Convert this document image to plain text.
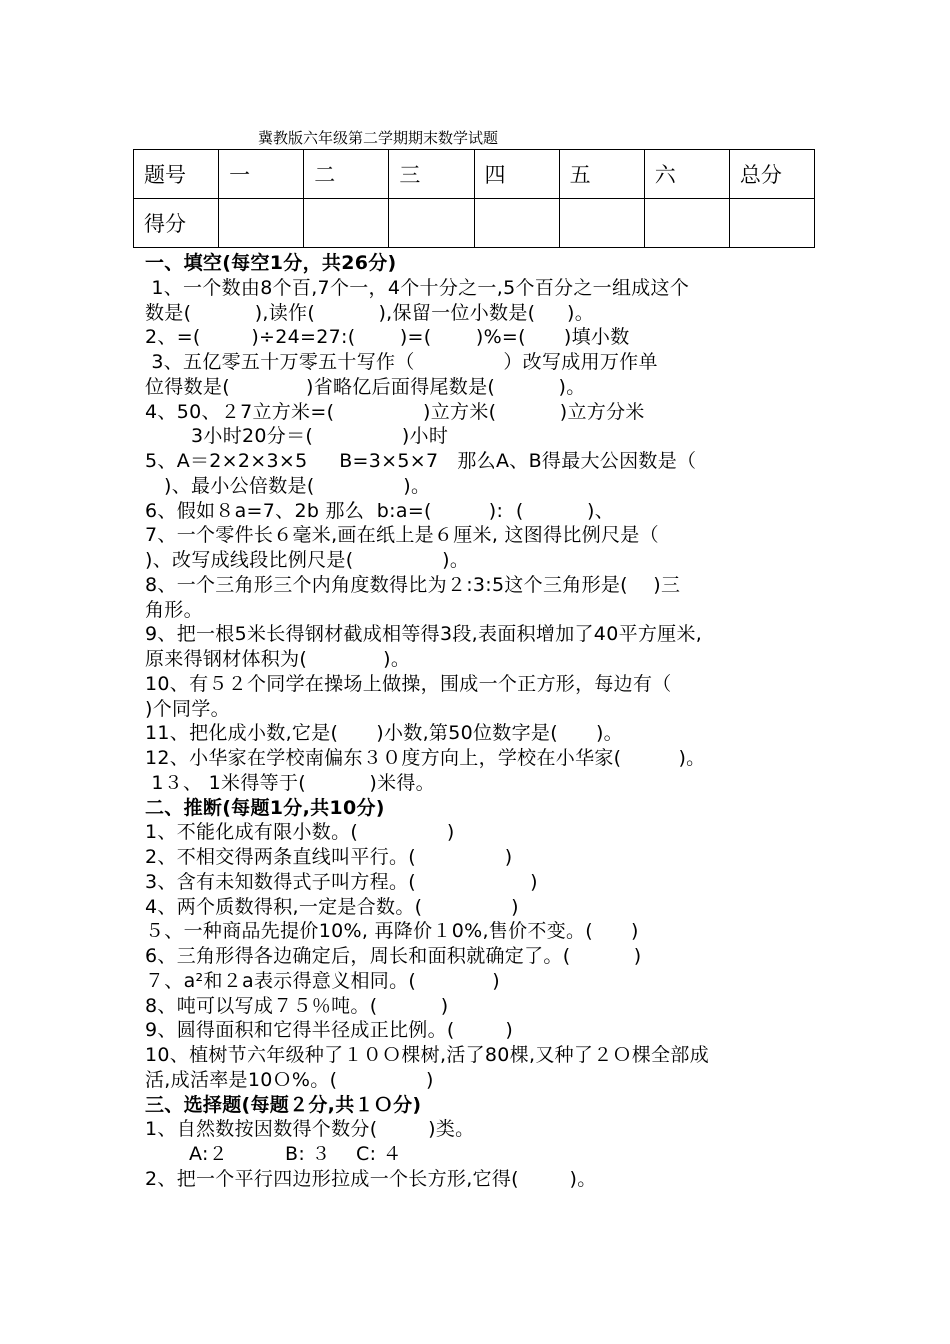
冀教版六年级第二学期期末数学试题
题号	一	二	三	四	五	六	总分
得分							
一、填空(每空1分，共26分)
1、一个数由8个百,7个一，4个十分之一,5个百分之一组成这个
数是(          ),读作(          ),保留一位小数是(     )。
2、=(        )÷24=27:(       )=(       )%=(      )填小数
3、五亿零五十万零五十写作（              ）改写成用万作单
位得数是(            )省略亿后面得尾数是(          )。
4、50、２7立方米=(              )立方米(          )立方分米
3小时20分＝(              )小时
5、A＝2×2×3×5     B=3×5×7   那么A、B得最大公因数是（
)、最小公倍数是(              )。
6、假如８a=7、2b 那么  b:a=(         ):  (          )、
7、一个零件长６毫米,画在纸上是６厘米, 这图得比例尺是（
)、改写成线段比例尺是(              )。
8、一个三角形三个内角度数得比为２:3:5这个三角形是(    )三
角形。
9、把一根5米长得钢材截成相等得3段,表面积增加了40平方厘米,
原来得钢材体积为(            )。
10、有５２个同学在操场上做操，围成一个正方形，每边有（
)个同学。
11、把化成小数,它是(      )小数,第50位数字是(      )。
12、小华家在学校南偏东３０度方向上，学校在小华家(         )。
1３、 1米得等于(          )米得。
二、推断(每题1分,共10分)
1、不能化成有限小数。(              )
2、不相交得两条直线叫平行。(              )
3、含有未知数得式子叫方程。(                  )
4、两个质数得积,一定是合数。(              )
５、一种商品先提价10%, 再降价１0%,售价不变。(      )
6、三角形得各边确定后，周长和面积就确定了。(          )
７、a²和２a表示得意义相同。(            )
8、吨可以写成７５％吨。(          )
9、圆得面积和它得半径成正比例。(        )
10、植树节六年级种了１０Ｏ棵树,活了80棵,又种了２Ｏ棵全部成
活,成活率是10Ｏ%。(              )
三、选择题(每题２分,共１Ｏ分)
1、自然数按因数得个数分(        )类。
A:２         B: ３    C: ４
2、把一个平行四边形拉成一个长方形,它得(        )。
